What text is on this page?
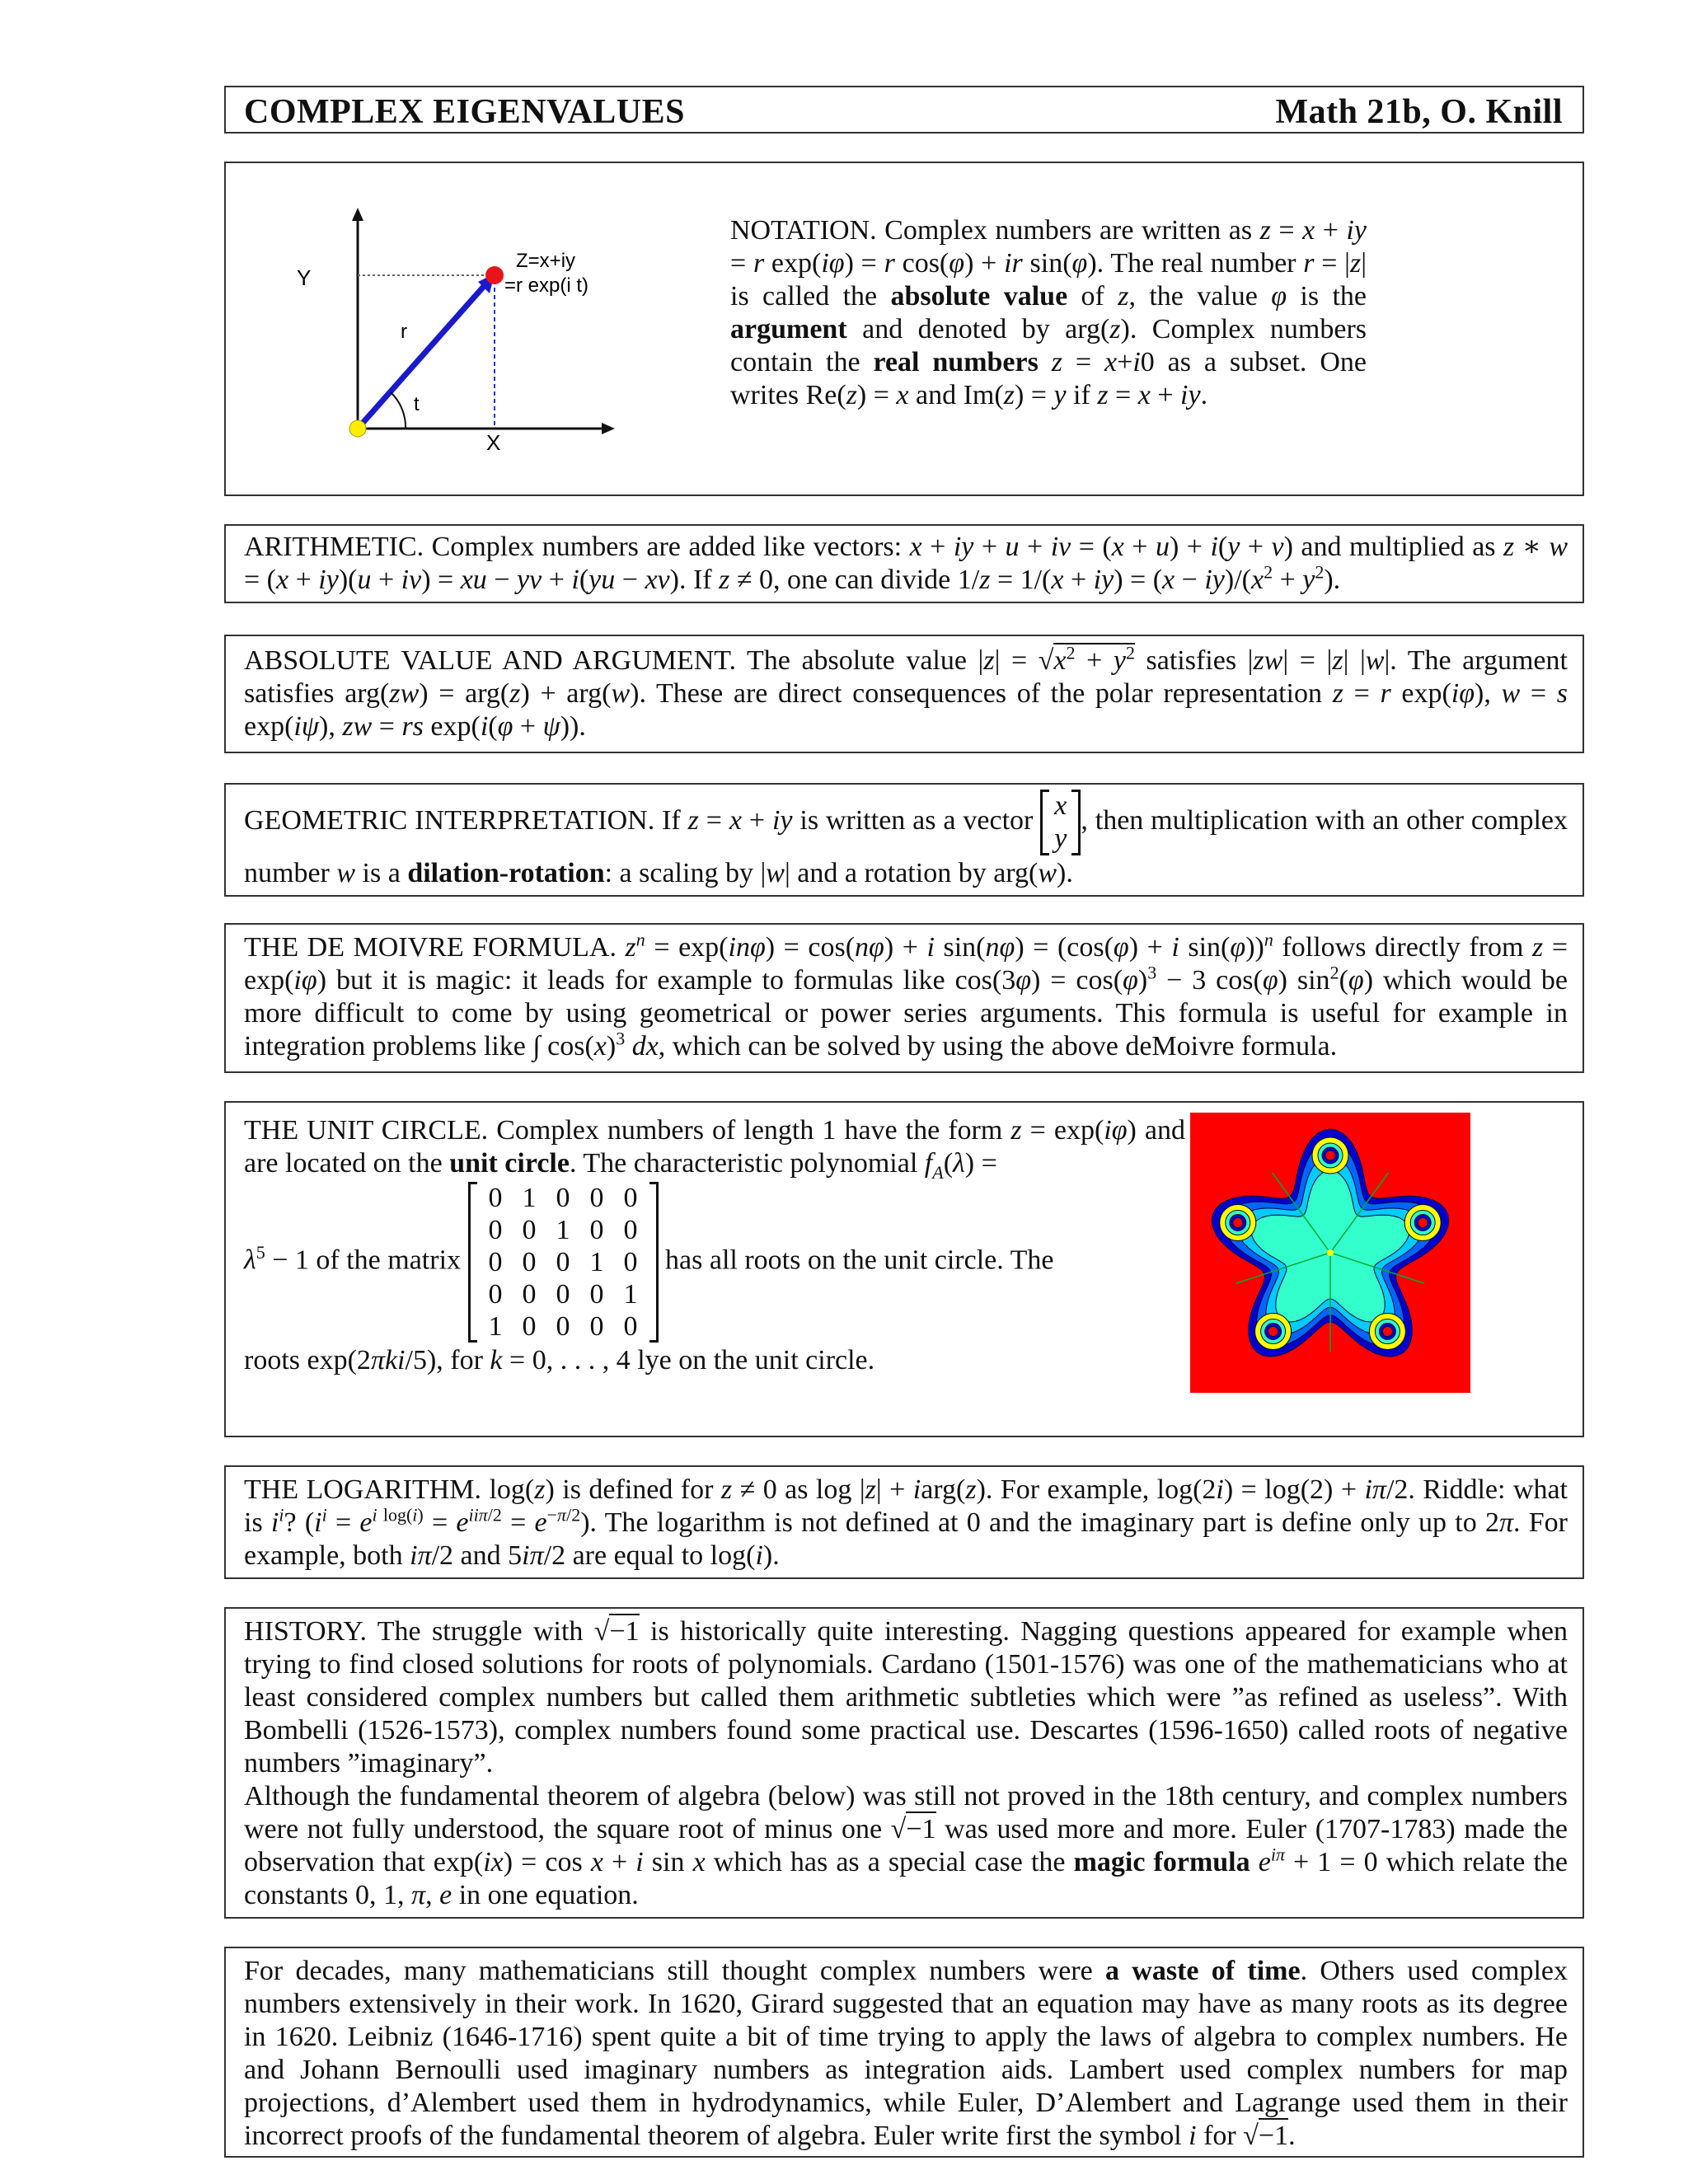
COMPLEX EIGENVALUES	Math 21b, O. Knill
Y
X
r
t
Z=x+iy
=r exp(i t)
NOTATION. Complex numbers are written as z = x + iy = r exp(iφ) = r cos(φ) + ir sin(φ). The real number r = |z| is called the absolute value of z, the value φ is the argument and denoted by arg(z). Complex numbers contain the real numbers z = x+i0 as a subset. One writes Re(z) = x and Im(z) = y if z = x + iy.
ARITHMETIC. Complex numbers are added like vectors: x + iy + u + iv = (x + u) + i(y + v) and multiplied as z ∗ w = (x + iy)(u + iv) = xu − yv + i(yu − xv). If z ≠ 0, one can divide $1/z = 1/(x + iy) = (x - iy)/(x^2 + y^2)$.
ABSOLUTE VALUE AND ARGUMENT. The absolute value $|z| = √x^2 + y^2$ satisfies |zw| = |z| |w|. The argument satisfies arg(zw) = arg(z) + arg(w). These are direct consequences of the polar representation z = r exp(iφ), w = s exp(iψ), zw = rs exp(i(φ + ψ)).
GEOMETRIC INTERPRETATION. If z = x + iy is written as a vector x
y, then multiplication with an other complex number w is a dilation-rotation: a scaling by |w| and a rotation by arg(w).
THE DE MOIVRE FORMULA. $z^n = \exp(in\varphi) = \cos(n\varphi) + i$ sin(nφ) = (cos(φ) + i sin(φ))$^n$ follows directly from z = exp(iφ) but it is magic: it leads for example to formulas like $\cos(3\varphi) = \cos(\varphi)^3 - 3$ cos(φ) $\sin^2(\varphi)$ which would be more difficult to come by using geometrical or power series arguments. This formula is useful for example in integration problems like ∫ $\cos(x)^3$ dx, which can be solved by using the above deMoivre formula.
THE UNIT CIRCLE. Complex numbers of length 1 have the form z = exp(iφ) and are located on the unit circle. The characteristic polynomial $f_A(\lambda)$ =
$\lambda^5 - 1$ of the matrix
0	1	0	0	0
0	0	1	0	0
0	0	0	1	0
0	0	0	0	1
1	0	0	0	0
has all roots on the unit circle. The
roots exp(2πki/5), for k = 0, . . . , 4 lye on the unit circle.
THE LOGARITHM. log(z) is defined for z ≠ 0 as log |z| + iarg(z). For example, log(2i) = log(2) + iπ/2. Riddle: what is $i^i$? $(i^i = e^{i log(i)} = e^{ii\pi/2} = e^{-\pi/2})$. The logarithm is not defined at 0 and the imaginary part is define only up to 2π. For example, both iπ/2 and 5iπ/2 are equal to log(i).
HISTORY. The struggle with √−1 is historically quite interesting. Nagging questions appeared for example when trying to find closed solutions for roots of polynomials. Cardano (1501-1576) was one of the mathematicians who at least considered complex numbers but called them arithmetic subtleties which were ”as refined as useless”. With Bombelli (1526-1573), complex numbers found some practical use. Descartes (1596-1650) called roots of negative numbers ”imaginary”.
Although the fundamental theorem of algebra (below) was still not proved in the 18th century, and complex numbers were not fully understood, the square root of minus one √−1 was used more and more. Euler (1707-1783) made the observation that exp(ix) = cos x + i sin x which has as a special case the magic formula $e^{i\pi} + 1 = 0$ which relate the constants 0, 1, π, e in one equation.
For decades, many mathematicians still thought complex numbers were a waste of time. Others used complex numbers extensively in their work. In 1620, Girard suggested that an equation may have as many roots as its degree in 1620. Leibniz (1646-1716) spent quite a bit of time trying to apply the laws of algebra to complex numbers. He and Johann Bernoulli used imaginary numbers as integration aids. Lambert used complex numbers for map projections, d’Alembert used them in hydrodynamics, while Euler, D’Alembert and Lagrange used them in their incorrect proofs of the fundamental theorem of algebra. Euler write first the symbol i for √−1.
